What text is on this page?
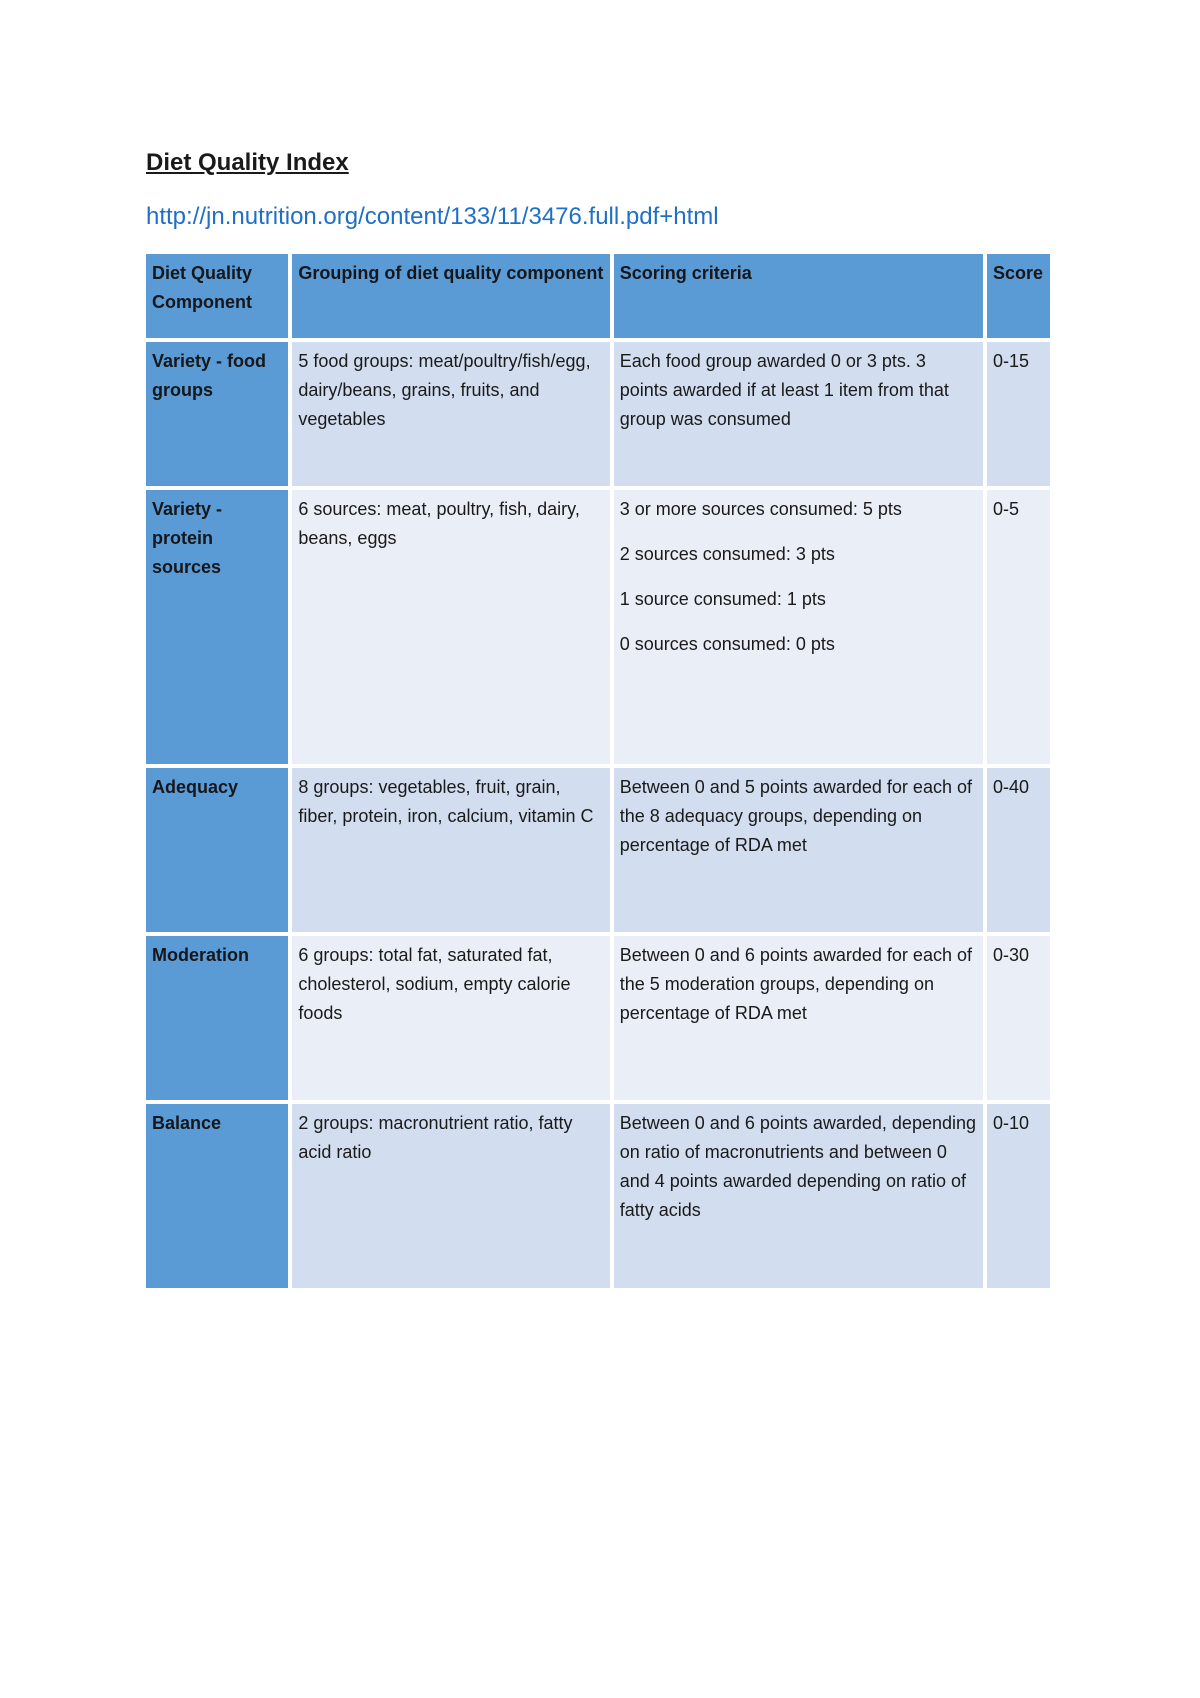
Diet Quality Index
http://jn.nutrition.org/content/133/11/3476.full.pdf+html
Diet Quality Component	Grouping of diet quality component	Scoring criteria	Score
Variety - food groups	5 food groups: meat/poultry/fish/egg, dairy/beans, grains, fruits, and vegetables	Each food group awarded 0 or 3 pts. 3 points awarded if at least 1 item from that group was consumed	0-15
Variety - protein sources	6 sources: meat, poultry, fish, dairy, beans, eggs	3 or more sources consumed: 5 pts
2 sources consumed: 3 pts
1 source consumed: 1 pts
0 sources consumed: 0 pts	0-5
Adequacy	8 groups: vegetables, fruit, grain, fiber, protein, iron, calcium, vitamin C	Between 0 and 5 points awarded for each of the 8 adequacy groups, depending on percentage of RDA met	0-40
Moderation	6 groups: total fat, saturated fat, cholesterol, sodium, empty calorie foods	Between 0 and 6 points awarded for each of the 5 moderation groups, depending on percentage of RDA met	0-30
Balance	2 groups: macronutrient ratio, fatty acid ratio	Between 0 and 6 points awarded, depending on ratio of macronutrients and between 0 and 4 points awarded depending on ratio of fatty acids	0-10
